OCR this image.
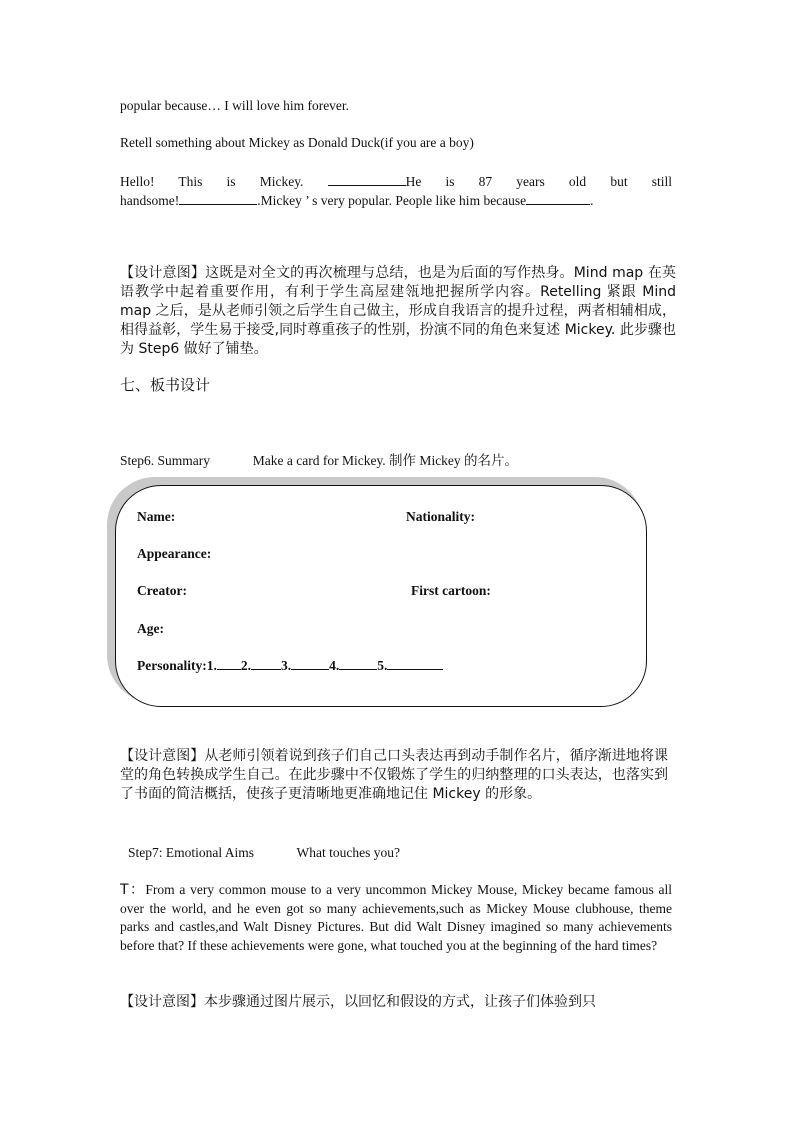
popular because… I will love him forever.
Retell something about Mickey as Donald Duck(if you are a boy)
Hello! This is Mickey.	He is 87 years old but still
handsome!	.Mickey ’ s very popular. People like him because	.
【设计意图】这既是对全文的再次梳理与总结，也是为后面的写作热身。Mind map 在英语教学中起着重要作用，有利于学生高屋建瓴地把握所学内容。Retelling 紧跟 Mind map 之后，是从老师引领之后学生自己做主，形成自我语言的提升过程，两者相辅相成，相得益彰，学生易于接受,同时尊重孩子的性别，扮演不同的角色来复述 Mickey. 此步骤也为 Step6 做好了铺垫。
七、板书设计
Step6. Summary	Make a card for Mickey. 制作 Mickey 的名片。
Name:	Nationality:
Appearance:
Creator:	First cartoon:
Age:
Personality:1. 2. 3.	4.	5.
【设计意图】从老师引领着说到孩子们自己口头表达再到动手制作名片，循序渐进地将课堂的角色转换成学生自己。在此步骤中不仅锻炼了学生的归纳整理的口头表达，也落实到了书面的简洁概括，使孩子更清晰地更准确地记住 Mickey 的形象。
Step7: Emotional Aims	What touches you?
T：From a very common mouse to a very uncommon Mickey Mouse, Mickey became famous all over the world, and he even got so many achievements,such as Mickey Mouse clubhouse, theme parks and castles,and Walt Disney Pictures. But did Walt Disney imagined so many achievements before that? If these achievements were gone, what touched you at the beginning of the hard times?
【设计意图】本步骤通过图片展示，以回忆和假设的方式，让孩子们体验到只
